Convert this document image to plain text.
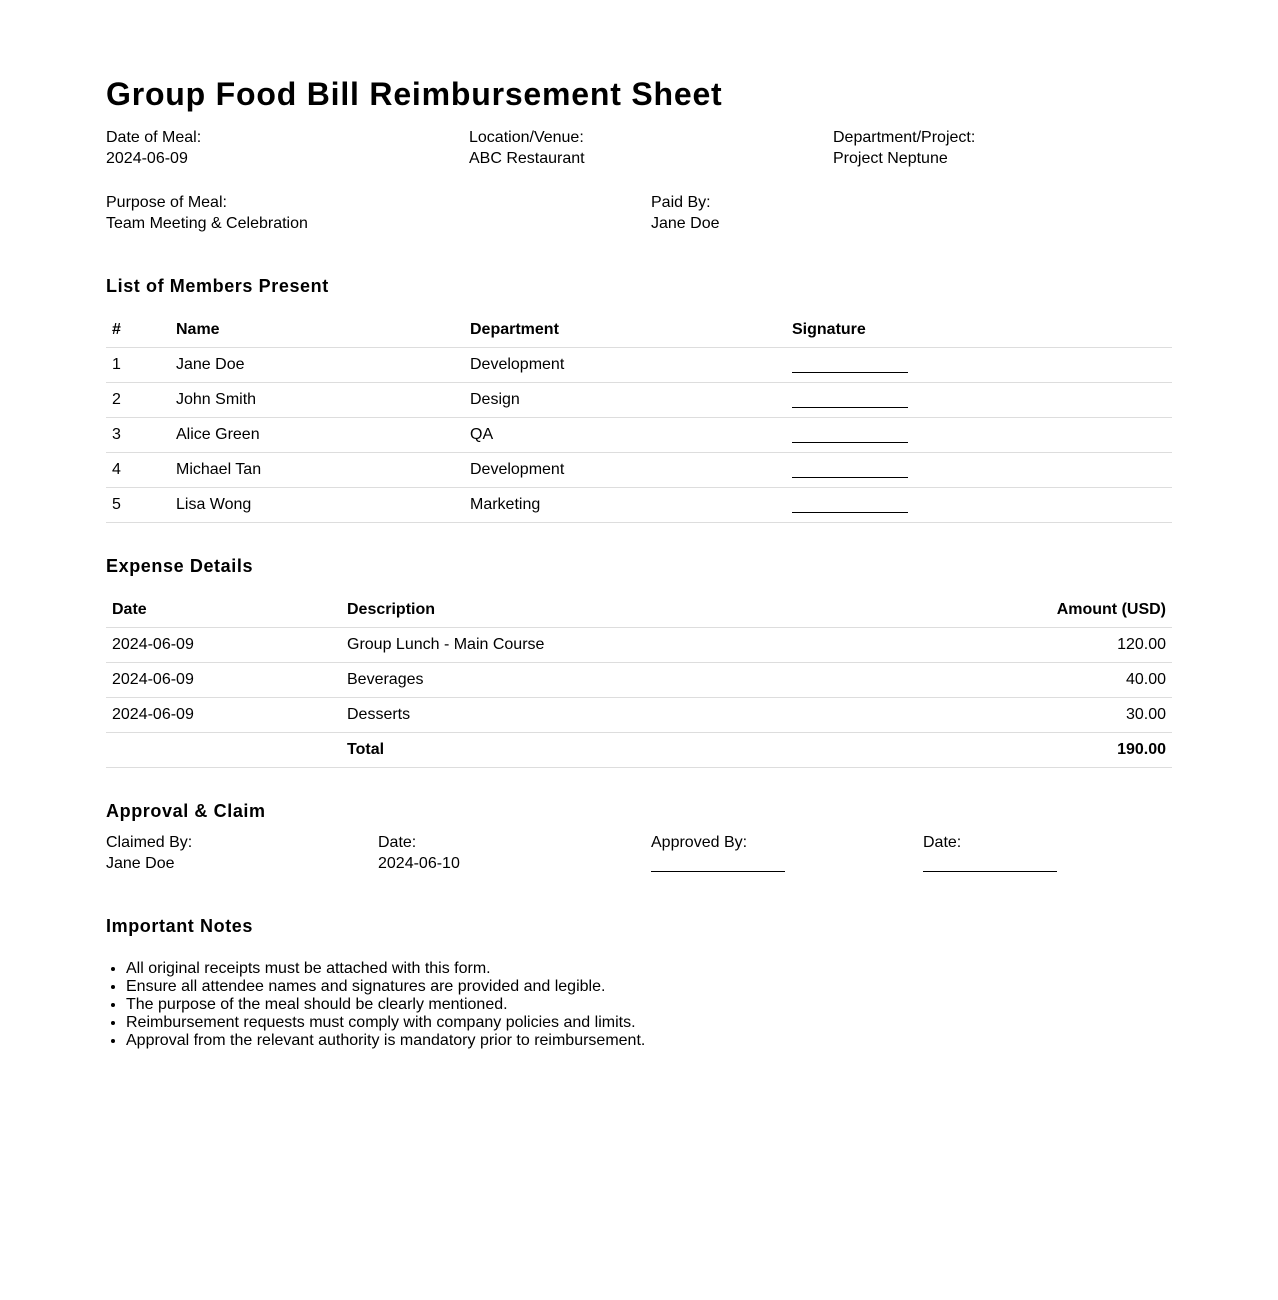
Group Food Bill Reimbursement Sheet
Date of Meal:
2024-06-09
Location/Venue:
ABC Restaurant
Department/Project:
Project Neptune
Purpose of Meal:
Team Meeting & Celebration
Paid By:
Jane Doe
List of Members Present
#	Name	Department	Signature
1	Jane Doe	Development	
2	John Smith	Design	
3	Alice Green	QA	
4	Michael Tan	Development	
5	Lisa Wong	Marketing	
Expense Details
Date	Description	Amount (USD)
2024-06-09	Group Lunch - Main Course	120.00
2024-06-09	Beverages	40.00
2024-06-09	Desserts	30.00
	Total	190.00
Approval & Claim
Claimed By:
Jane Doe
Date:
2024-06-10
Approved By:	Date:
Important Notes
• All original receipts must be attached with this form.
• Ensure all attendee names and signatures are provided and legible.
• The purpose of the meal should be clearly mentioned.
• Reimbursement requests must comply with company policies and limits.
• Approval from the relevant authority is mandatory prior to reimbursement.
